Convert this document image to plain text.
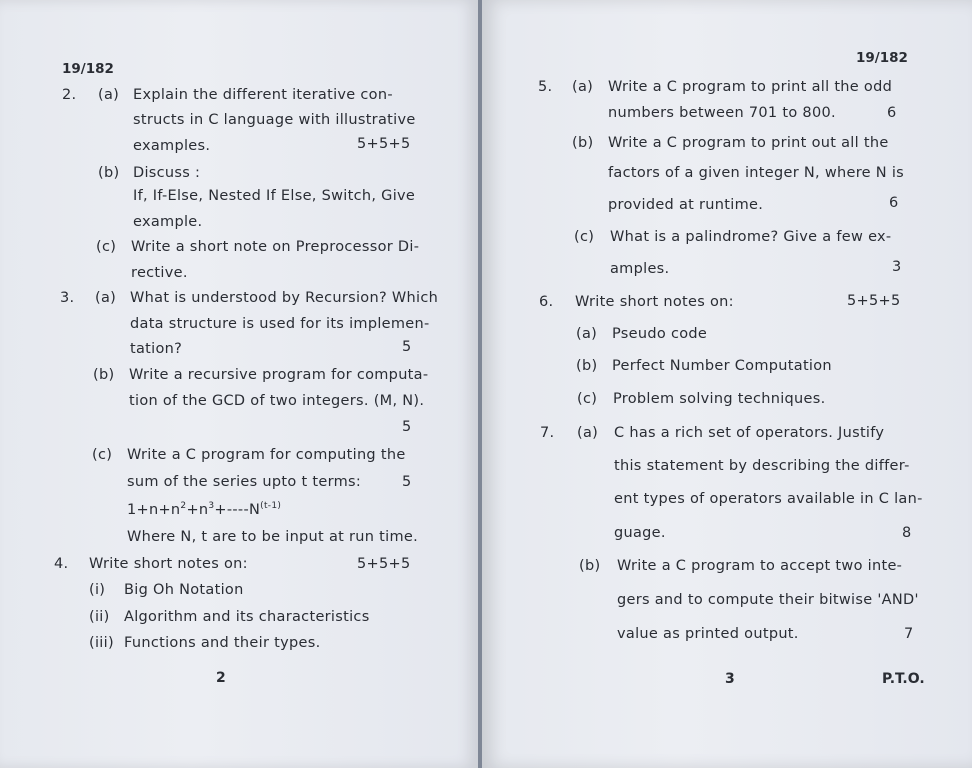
19/182
2. (a) Explain the different iterative con-
structs in C language with illustrative
examples.	5+5+5
(b) Discuss :
If, If-Else, Nested If Else, Switch, Give
example.
(c) Write a short note on Preprocessor Di-
rective.
3. (a) What is understood by Recursion? Which
data structure is used for its implemen-
tation?	5
(b) Write a recursive program for computa-
tion of the GCD of two integers. (M, N).
5
(c) Write a C program for computing the
sum of the series upto t terms:	5
$1+n+n^2+n^3+----N^{(t-1)}$
Where N, t are to be input at run time.
4. Write short notes on:	5+5+5
(i) Big Oh Notation
(ii) Algorithm and its characteristics
(iii) Functions and their types.
2
19/182
5. (a) Write a C program to print all the odd
numbers between 701 to 800.	6
(b) Write a C program to print out all the
factors of a given integer N, where N is
provided at runtime.	6
(c) What is a palindrome? Give a few ex-
amples.	3
6. Write short notes on:	5+5+5
(a) Pseudo code
(b) Perfect Number Computation
(c) Problem solving techniques.
7. (a) C has a rich set of operators. Justify
this statement by describing the differ-
ent types of operators available in C lan-
guage.	8
(b) Write a C program to accept two inte-
gers and to compute their bitwise 'AND'
value as printed output.	7
3	P.T.O.
